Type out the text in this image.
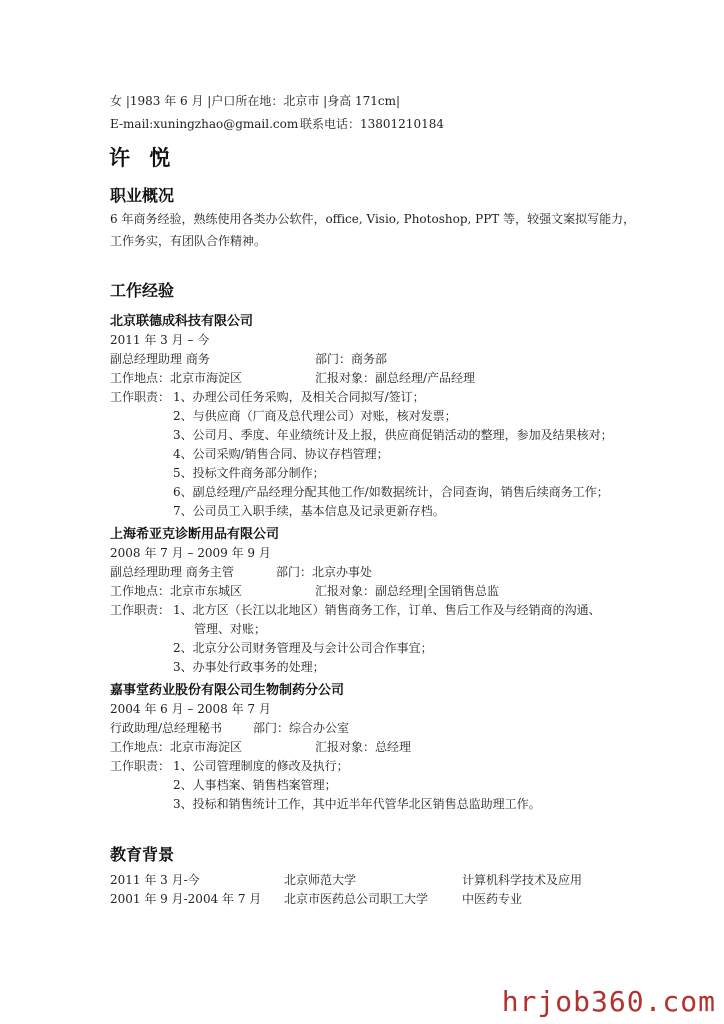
女 |1983 年 6 月 |户口所在地：北京市 |身高 171cm|
E-mail:xuningzhao@gmail.com 联系电话：13801210184
许 悦
职业概况
6 年商务经验，熟练使用各类办公软件，office, Visio, Photoshop, PPT 等，较强文案拟写能力，
工作务实，有团队合作精神。
工作经验
北京联德成科技有限公司
2011 年 3 月 – 今
副总经理助理 商务	部门：商务部
工作地点：北京市海淀区	汇报对象：副总经理/产品经理
工作职责： 1、办理公司任务采购，及相关合同拟写/签订；
2、与供应商（厂商及总代理公司）对账，核对发票；
3、公司月、季度、年业绩统计及上报，供应商促销活动的整理，参加及结果核对；
4、公司采购/销售合同、协议存档管理；
5、投标文件商务部分制作；
6、副总经理/产品经理分配其他工作/如数据统计，合同查询，销售后续商务工作；
7、公司员工入职手续，基本信息及记录更新存档。
上海希亚克诊断用品有限公司
2008 年 7 月 – 2009 年 9 月
副总经理助理 商务主管	部门：北京办事处
工作地点：北京市东城区	汇报对象：副总经理|全国销售总监
工作职责： 1、北方区（长江以北地区）销售商务工作，订单、售后工作及与经销商的沟通、
管理、对账；
2、北京分公司财务管理及与会计公司合作事宜；
3、办事处行政事务的处理；
嘉事堂药业股份有限公司生物制药分公司
2004 年 6 月 – 2008 年 7 月
行政助理/总经理秘书	部门：综合办公室
工作地点：北京市海淀区	汇报对象：总经理
工作职责： 1、公司管理制度的修改及执行；
2、人事档案、销售档案管理；
3、投标和销售统计工作，其中近半年代管华北区销售总监助理工作。
教育背景
2011 年 3 月-今	北京师范大学	计算机科学技术及应用
2001 年 9 月-2004 年 7 月 北京市医药总公司职工大学	中医药专业
hrjob360.com
